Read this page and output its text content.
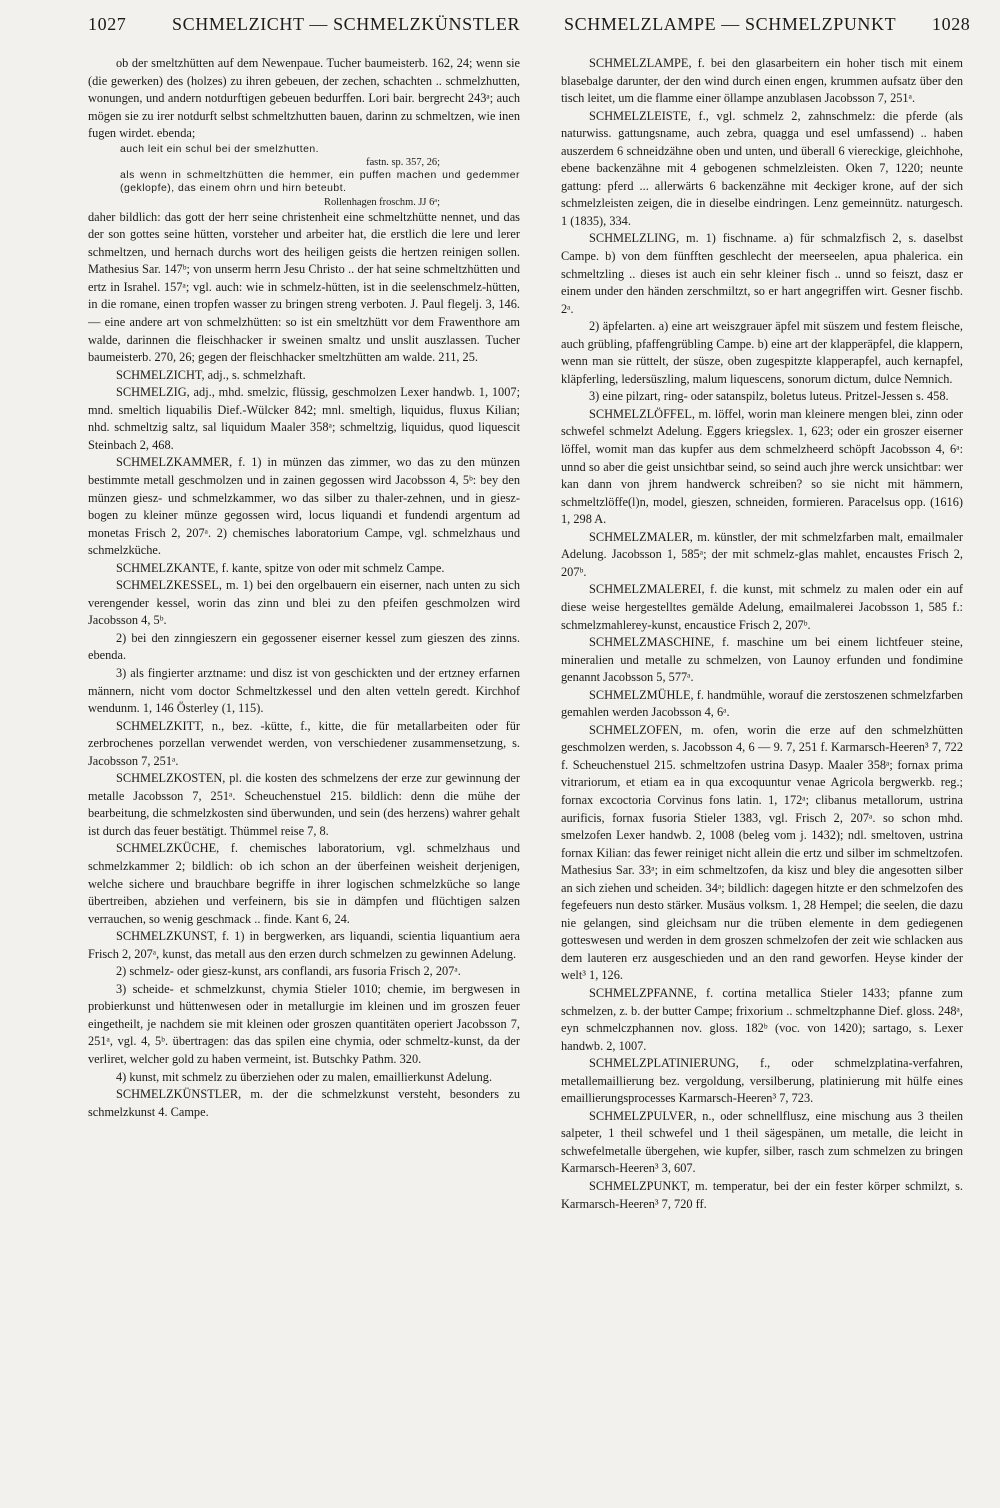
1027	SCHMELZICHT — SCHMELZKÜNSTLER SCHMELZLAMPE — SCHMELZPUNKT 1028

ob der smeltzhütten auf dem Newenpaue. Tucher baumeisterb. 162, 24; wenn sie (die gewerken) des (holzes) zu ihren gebeuen, der zechen, schachten .. schmelzhutten, wonungen, und andern notdurftigen gebeuen bedurffen. Lori bair. bergrecht 243ᵃ; auch mögen sie zu irer notdurft selbst schmeltzhutten bauen, darinn zu schmeltzen, wie inen fugen wirdet. ebenda;

auch leit ein schul bei der smelzhutten.

fastn. sp. 357, 26;

als wenn in schmeltzhütten die hemmer, ein puffen machen und gedemmer (geklopfe), das einem ohrn und hirn beteubt.

Rollenhagen froschm. JJ 6ᵃ;

daher bildlich: das gott der herr seine christenheit eine schmeltzhütte nennet, und das der son gottes seine hütten, vorsteher und arbeiter hat, die erstlich die lere und lerer schmeltzen, und hernach durchs wort des heiligen geists die hertzen reinigen sollen. Mathesius Sar. 147ᵇ; von unserm herrn Jesu Christo .. der hat seine schmeltzhütten und ertz in Israhel. 157ᵃ; vgl. auch: wie in schmelz-hütten, ist in die seelenschmelz-hütten, in die romane, einen tropfen wasser zu bringen streng verboten. J. Paul flegelj. 3, 146. — eine andere art von schmelzhütten: so ist ein smeltzhütt vor dem Frawenthore am walde, darinnen die fleischhacker ir sweinen smaltz und unslit auszlassen. Tucher baumeisterb. 270, 26; gegen der fleischhacker smeltzhütten am walde. 211, 25.

SCHMELZICHT, adj., s. schmelzhaft.

SCHMELZIG, adj., mhd. smelzic, flüssig, geschmolzen Lexer handwb. 1, 1007; mnd. smeltich liquabilis Dief.-Wülcker 842; mnl. smeltigh, liquidus, fluxus Kilian; nhd. schmeltzig saltz, sal liquidum Maaler 358ᵃ; schmeltzig, liquidus, quod liquescit Steinbach 2, 468.

SCHMELZKAMMER, f. 1) in münzen das zimmer, wo das zu den münzen bestimmte metall geschmolzen und in zainen gegossen wird Jacobsson 4, 5ᵇ: bey den münzen giesz- und schmelzkammer, wo das silber zu thaler-zehnen, und in giesz-bogen zu kleiner münze gegossen wird, locus liquandi et fundendi argentum ad monetas Frisch 2, 207ᵃ. 2) chemisches laboratorium Campe, vgl. schmelzhaus und schmelzküche.

SCHMELZKANTE, f. kante, spitze von oder mit schmelz Campe.

SCHMELZKESSEL, m. 1) bei den orgelbauern ein eiserner, nach unten zu sich verengender kessel, worin das zinn und blei zu den pfeifen geschmolzen wird Jacobsson 4, 5ᵇ.

2) bei den zinngieszern ein gegossener eiserner kessel zum gieszen des zinns. ebenda.

3) als fingierter arztname: und disz ist von geschickten und der ertzney erfarnen männern, nicht vom doctor Schmeltzkessel und den alten vetteln geredt. Kirchhof wendunm. 1, 146 Österley (1, 115).

SCHMELZKITT, n., bez. -kütte, f., kitte, die für metallarbeiten oder für zerbrochenes porzellan verwendet werden, von verschiedener zusammensetzung, s. Jacobsson 7, 251ᵃ.

SCHMELZKOSTEN, pl. die kosten des schmelzens der erze zur gewinnung der metalle Jacobsson 7, 251ᵃ. Scheuchenstuel 215. bildlich: denn die mühe der bearbeitung, die schmelzkosten sind überwunden, und sein (des herzens) wahrer gehalt ist durch das feuer bestätigt. Thümmel reise 7, 8.

SCHMELZKÜCHE, f. chemisches laboratorium, vgl. schmelzhaus und schmelzkammer 2; bildlich: ob ich schon an der überfeinen weisheit derjenigen, welche sichere und brauchbare begriffe in ihrer logischen schmelzküche so lange übertreiben, abziehen und verfeinern, bis sie in dämpfen und flüchtigen salzen verrauchen, so wenig geschmack .. finde. Kant 6, 24.

SCHMELZKUNST, f. 1) in bergwerken, ars liquandi, scientia liquantium aera Frisch 2, 207ᵃ, kunst, das metall aus den erzen durch schmelzen zu gewinnen Adelung.

2) schmelz- oder giesz-kunst, ars conflandi, ars fusoria Frisch 2, 207ᵃ.

3) scheide- et schmelzkunst, chymia Stieler 1010; chemie, im bergwesen in probierkunst und hüttenwesen oder in metallurgie im kleinen und im groszen feuer eingetheilt, je nachdem sie mit kleinen oder groszen quantitäten operiert Jacobsson 7, 251ᵃ, vgl. 4, 5ᵇ. übertragen: das das spilen eine chymia, oder schmeltz-kunst, da der verliret, welcher gold zu haben vermeint, ist. Butschky Pathm. 320.

4) kunst, mit schmelz zu überziehen oder zu malen, emaillierkunst Adelung.

SCHMELZKÜNSTLER, m. der die schmelzkunst versteht, besonders zu schmelzkunst 4. Campe.

SCHMELZLAMPE, f. bei den glasarbeitern ein hoher tisch mit einem blasebalge darunter, der den wind durch einen engen, krummen aufsatz über den tisch leitet, um die flamme einer öllampe anzublasen Jacobsson 7, 251ᵃ.

SCHMELZLEISTE, f., vgl. schmelz 2, zahnschmelz: die pferde (als naturwiss. gattungsname, auch zebra, quagga und esel umfassend) .. haben auszerdem 6 schneidzähne oben und unten, und überall 6 viereckige, gleichhohe, ebene backenzähne mit 4 gebogenen schmelzleisten. Oken 7, 1220; neunte gattung: pferd ... allerwärts 6 backenzähne mit 4eckiger krone, auf der sich schmelzleisten zeigen, die in dieselbe eindringen. Lenz gemeinnütz. naturgesch. 1 (1835), 334.

SCHMELZLING, m. 1) fischname. a) für schmalzfisch 2, s. daselbst Campe. b) von dem fünfften geschlecht der meerseelen, apua phalerica. ein schmeltzling .. dieses ist auch ein sehr kleiner fisch .. unnd so feiszt, dasz er einem under den händen zerschmiltzt, so er hart angegriffen wirt. Gesner fischb. 2ᵃ.

2) äpfelarten. a) eine art weiszgrauer äpfel mit süszem und festem fleische, auch grübling, pfaffengrübling Campe. b) eine art der klapperäpfel, die klappern, wenn man sie rüttelt, der süsze, oben zugespitzte klapperapfel, auch kernapfel, kläpferling, ledersüszling, malum liquescens, sonorum dictum, dulce Nemnich.

3) eine pilzart, ring- oder satanspilz, boletus luteus. Pritzel-Jessen s. 458.

SCHMELZLÖFFEL, m. löffel, worin man kleinere mengen blei, zinn oder schwefel schmelzt Adelung. Eggers kriegslex. 1, 623; oder ein groszer eiserner löffel, womit man das kupfer aus dem schmelzheerd schöpft Jacobsson 4, 6ᵃ: unnd so aber die geist unsichtbar seind, so seind auch jhre werck unsichtbar: wer kan dann von jhrem handwerck schreiben? so sie nicht mit hämmern, schmeltzlöffe(l)n, model, gieszen, schneiden, formieren. Paracelsus opp. (1616) 1, 298 A.

SCHMELZMALER, m. künstler, der mit schmelzfarben malt, emailmaler Adelung. Jacobsson 1, 585ᵃ; der mit schmelz-glas mahlet, encaustes Frisch 2, 207ᵇ.

SCHMELZMALEREI, f. die kunst, mit schmelz zu malen oder ein auf diese weise hergestelltes gemälde Adelung, emailmalerei Jacobsson 1, 585 f.: schmelzmahlerey-kunst, encaustice Frisch 2, 207ᵇ.

SCHMELZMASCHINE, f. maschine um bei einem lichtfeuer steine, mineralien und metalle zu schmelzen, von Launoy erfunden und fondimine genannt Jacobsson 5, 577ᵃ.

SCHMELZMÜHLE, f. handmühle, worauf die zerstoszenen schmelzfarben gemahlen werden Jacobsson 4, 6ᵃ.

SCHMELZOFEN, m. ofen, worin die erze auf den schmelzhütten geschmolzen werden, s. Jacobsson 4, 6 — 9. 7, 251 f. Karmarsch-Heeren³ 7, 722 f. Scheuchenstuel 215. schmeltzofen ustrina Dasyp. Maaler 358ᵃ; fornax prima vitrariorum, et etiam ea in qua excoquuntur venae Agricola bergwerkb. reg.; fornax excoctoria Corvinus fons latin. 1, 172ᵃ; clibanus metallorum, ustrina aurificis, fornax fusoria Stieler 1383, vgl. Frisch 2, 207ᵃ. so schon mhd. smelzofen Lexer handwb. 2, 1008 (beleg vom j. 1432); ndl. smeltoven, ustrina fornax Kilian: das fewer reiniget nicht allein die ertz und silber im schmeltzofen. Mathesius Sar. 33ᵃ; in eim schmeltzofen, da kisz und bley die angesotten silber an sich ziehen und scheiden. 34ᵃ; bildlich: dagegen hitzte er den schmelzofen des fegefeuers nun desto stärker. Musäus volksm. 1, 28 Hempel; die seelen, die dazu nie gelangen, sind gleichsam nur die trüben elemente in dem gediegenen gotteswesen und werden in dem groszen schmelzofen der zeit wie schlacken aus dem lauteren erz ausgeschieden und an den rand geworfen. Heyse kinder der welt³ 1, 126.

SCHMELZPFANNE, f. cortina metallica Stieler 1433; pfanne zum schmelzen, z. b. der butter Campe; frixorium .. schmeltzphanne Dief. gloss. 248ᵃ, eyn schmelczphannen nov. gloss. 182ᵇ (voc. von 1420); sartago, s. Lexer handwb. 2, 1007.

SCHMELZPLATINIERUNG, f., oder schmelzplatina-verfahren, metallemaillierung bez. vergoldung, versilberung, platinierung mit hülfe eines emaillierungsprocesses Karmarsch-Heeren³ 7, 723.

SCHMELZPULVER, n., oder schnellflusz, eine mischung aus 3 theilen salpeter, 1 theil schwefel und 1 theil sägespänen, um metalle, die leicht in schwefelmetalle übergehen, wie kupfer, silber, rasch zum schmelzen zu bringen Karmarsch-Heeren³ 3, 607.

SCHMELZPUNKT, m. temperatur, bei der ein fester körper schmilzt, s. Karmarsch-Heeren³ 7, 720 ff.
